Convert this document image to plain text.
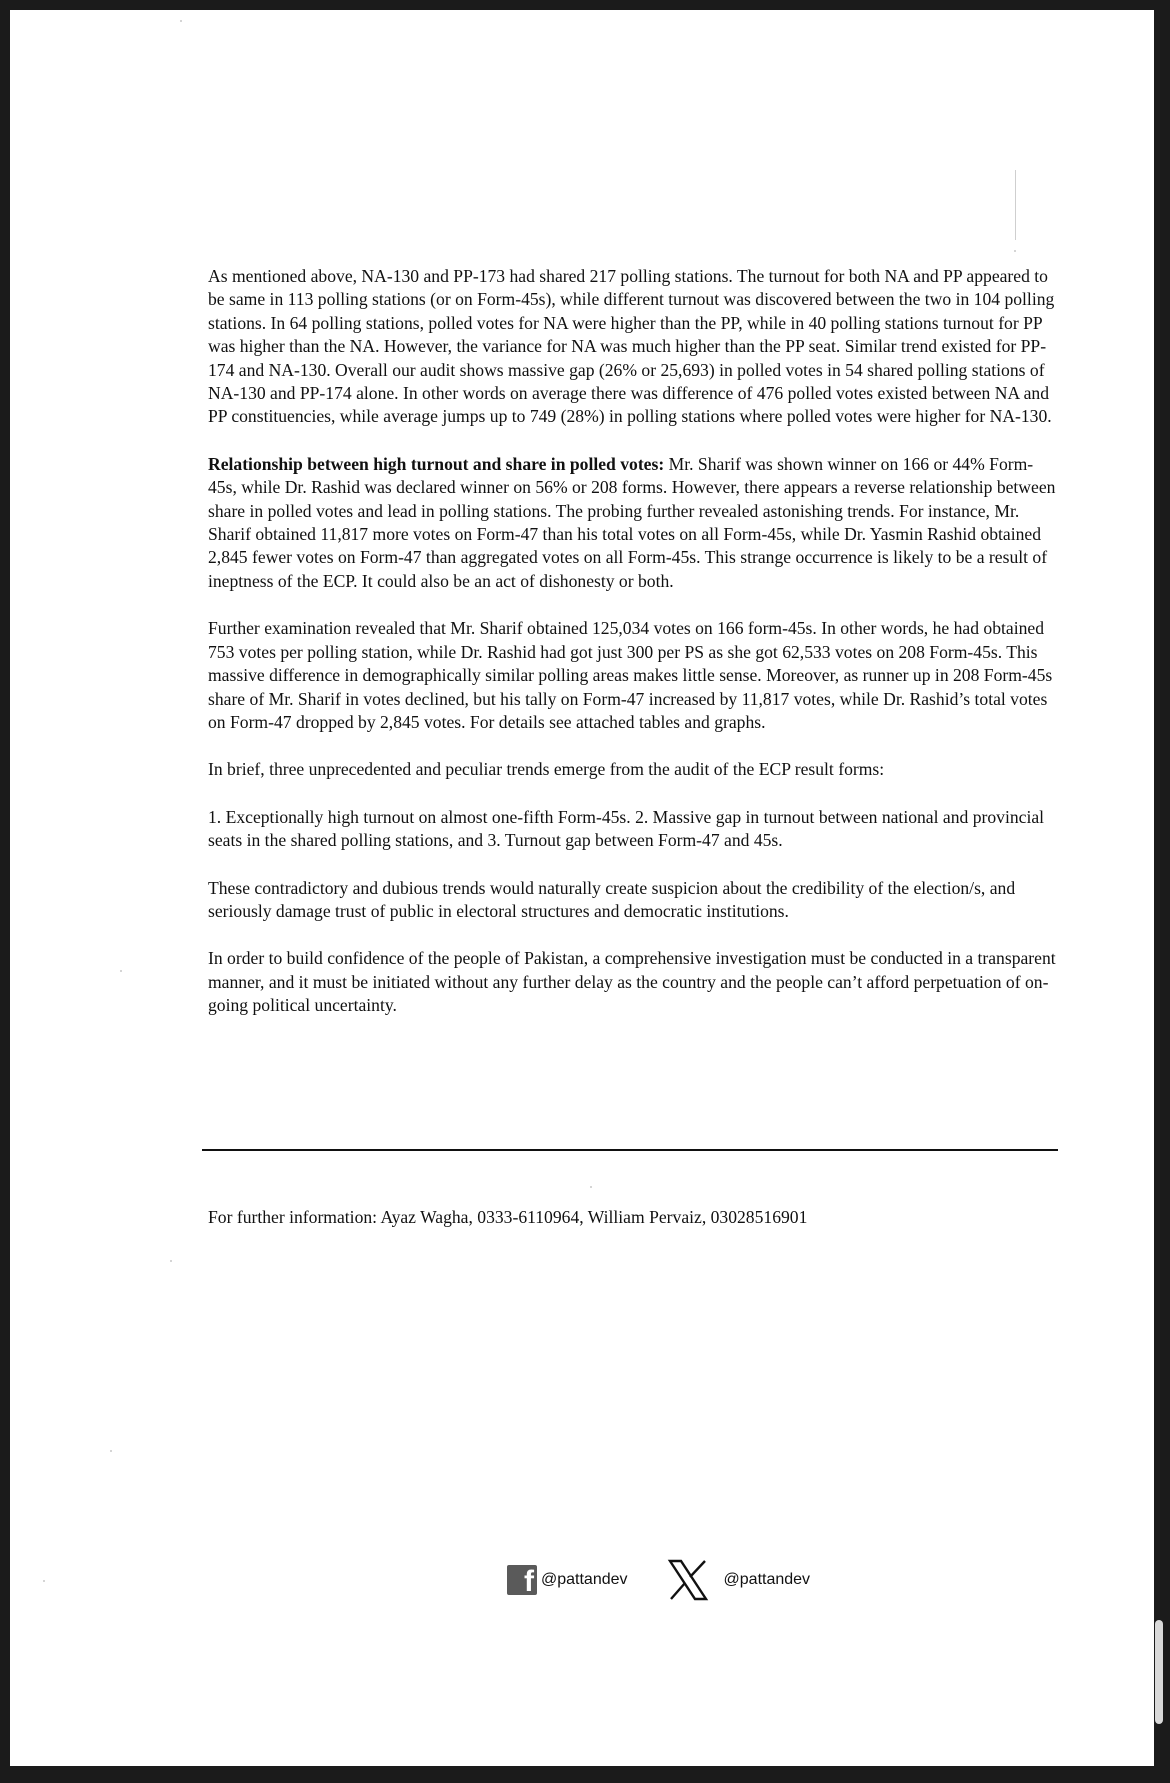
As mentioned above, NA-130 and PP-173 had shared 217 polling stations. The turnout for both NA and PP appeared to be same in 113 polling stations (or on Form-45s), while different turnout was discovered between the two in 104 polling stations. In 64 polling stations, polled votes for NA were higher than the PP, while in 40 polling stations turnout for PP was higher than the NA. However, the variance for NA was much higher than the PP seat. Similar trend existed for PP-174 and NA-130. Overall our audit shows massive gap (26% or 25,693) in polled votes in 54 shared polling stations of NA-130 and PP-174 alone. In other words on average there was difference of 476 polled votes existed between NA and PP constituencies, while average jumps up to 749 (28%) in polling stations where polled votes were higher for NA-130.

Relationship between high turnout and share in polled votes: Mr. Sharif was shown winner on 166 or 44% Form-45s, while Dr. Rashid was declared winner on 56% or 208 forms. However, there appears a reverse relationship between share in polled votes and lead in polling stations. The probing further revealed astonishing trends. For instance, Mr. Sharif obtained 11,817 more votes on Form-47 than his total votes on all Form-45s, while Dr. Yasmin Rashid obtained 2,845 fewer votes on Form-47 than aggregated votes on all Form-45s. This strange occurrence is likely to be a result of ineptness of the ECP. It could also be an act of dishonesty or both.

Further examination revealed that Mr. Sharif obtained 125,034 votes on 166 form-45s. In other words, he had obtained 753 votes per polling station, while Dr. Rashid had got just 300 per PS as she got 62,533 votes on 208 Form-45s. This massive difference in demographically similar polling areas makes little sense. Moreover, as runner up in 208 Form-45s share of Mr. Sharif in votes declined, but his tally on Form-47 increased by 11,817 votes, while Dr. Rashid’s total votes on Form-47 dropped by 2,845 votes. For details see attached tables and graphs.

In brief, three unprecedented and peculiar trends emerge from the audit of the ECP result forms:

1. Exceptionally high turnout on almost one-fifth Form-45s. 2. Massive gap in turnout between national and provincial seats in the shared polling stations, and 3. Turnout gap between Form-47 and 45s.

These contradictory and dubious trends would naturally create suspicion about the credibility of the election/s, and seriously damage trust of public in electoral structures and democratic institutions.

In order to build confidence of the people of Pakistan, a comprehensive investigation must be conducted in a transparent manner, and it must be initiated without any further delay as the country and the people can’t afford perpetuation of on-going political uncertainty.

For further information: Ayaz Wagha, 0333-6110964, William Pervaiz, 03028516901
f
@pattandev	@pattandev
